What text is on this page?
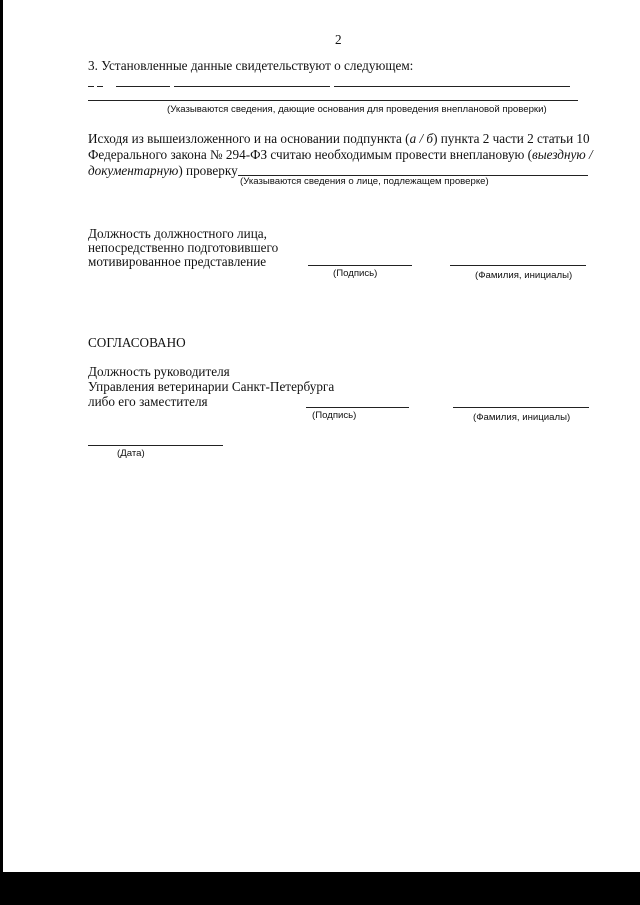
2
3. Установленные данные свидетельствуют о следующем:
(Указываются сведения, дающие основания для проведения внеплановой проверки)
Исходя из вышеизложенного и на основании подпункта (а / б) пункта 2 части 2 статьи 10
Федерального закона № 294-ФЗ считаю необходимым провести внеплановую (выездную /
документарную) проверку
(Указываются сведения о лице, подлежащем проверке)
Должность должностного лица,
непосредственно подготовившего
мотивированное представление
(Подпись)	(Фамилия, инициалы)
СОГЛАСОВАНО
Должность руководителя
Управления ветеринарии Санкт-Петербурга
либо его заместителя
(Подпись)	(Фамилия, инициалы)
(Дата)
